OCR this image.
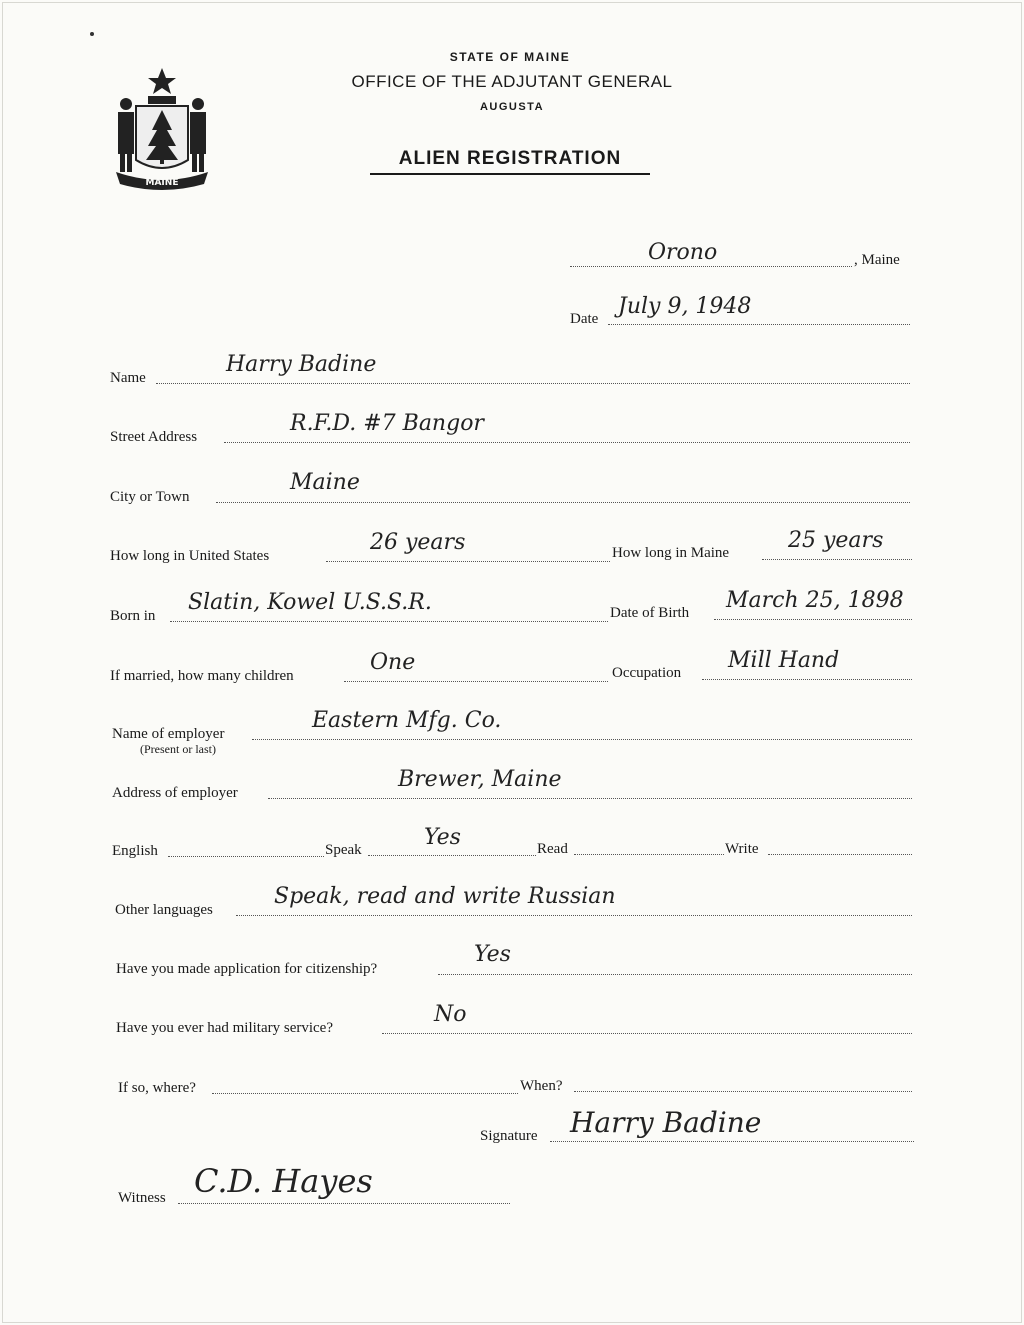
MAINE
STATE OF MAINE
OFFICE OF THE ADJUTANT GENERAL
AUGUSTA
ALIEN REGISTRATION
Orono	, Maine
Date July 9, 1948
Name
Harry Badine
Street Address
R.F.D. #7 Bangor
City or Town
Maine
How long in United States
26 years	How long in Maine	25 years
Born in
Slatin, Kowel U.S.S.R.	Date of Birth March 25, 1898
If married, how many children
One	Occupation Mill Hand
Name of employer
(Present or last)
Eastern Mfg. Co.
Address of employer
Brewer, Maine
English	Speak	Yes	Read	Write
Other languages
Speak, read and write Russian
Have you made application for citizenship?
Yes
Have you ever had military service?
No
If so, where?	When?
Signature Harry Badine
Witness C.D. Hayes
